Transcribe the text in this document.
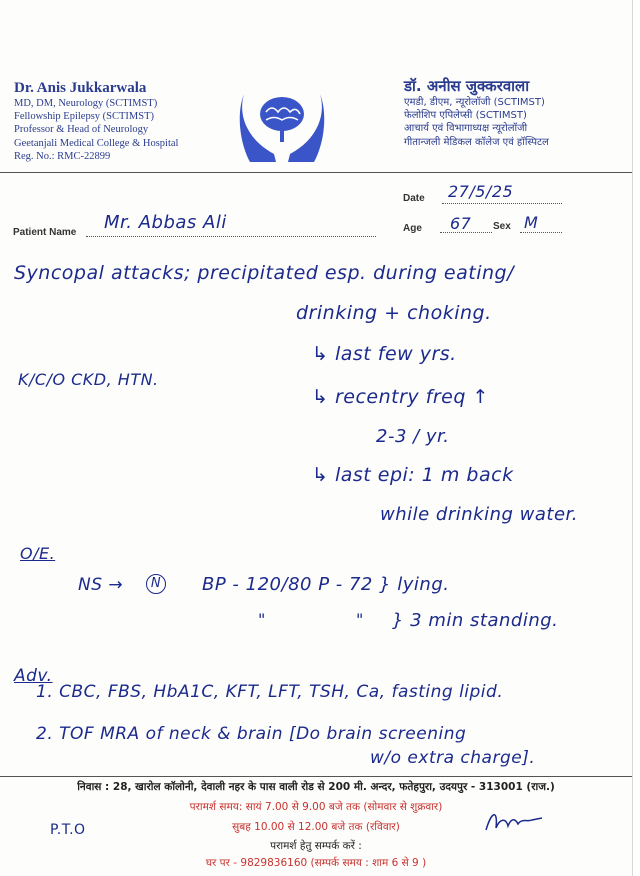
Dr. Anis Jukkarwala
MD, DM, Neurology (SCTIMST)
Fellowship Epilepsy (SCTIMST)
Professor & Head of Neurology
Geetanjali Medical College & Hospital
Reg. No.: RMC-22899
डॉ. अनीस जुक्करवाला
एमडी, डीएम, न्यूरोलॉजी (SCTIMST)
फेलोशिप एपिलेप्सी (SCTIMST)
आचार्य एवं विभागाध्यक्ष न्यूरोलॉजी
गीतान्जली मेडिकल कॉलेज एवं हॉस्पिटल
Date 27/5/25
Patient Name Mr. Abbas Ali	Age 67 Sex M
Syncopal attacks; precipitated esp. during eating/
drinking + choking.
↳ last few yrs.
K/C/O CKD, HTN.
↳ recentry freq ↑
2-3 / yr.
↳ last epi: 1 m back
while drinking water.
O/E.
NS →	N BP - 120/80 P - 72 } lying.
"	" } 3 min standing.
Adv.
1. CBC, FBS, HbA1C, KFT, LFT, TSH, Ca, fasting lipid.
2. TOF MRA of neck & brain [Do brain screening
w/o extra charge].
निवास : 28, खारोल कॉलोनी, देवाली नहर के पास वाली रोड से 200 मी. अन्दर, फतेहपुरा, उदयपुर - 313001 (राज.)
परामर्श समय: सायं 7.00 से 9.00 बजे तक (सोमवार से शुक्रवार)
सुबह 10.00 से 12.00 बजे तक (रविवार)
परामर्श हेतु सम्पर्क करें :
घर पर - 9829836160 (सम्पर्क समय : शाम 6 से 9 )
P.T.O
